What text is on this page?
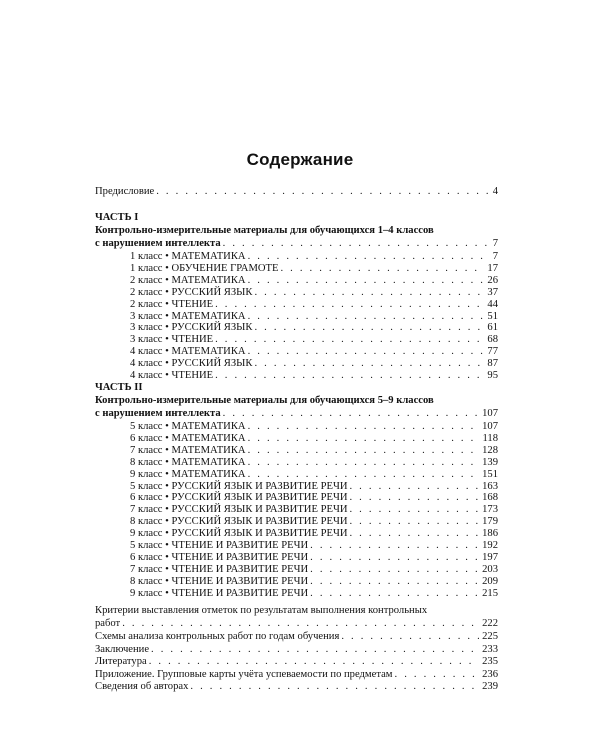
Содержание
Предисловие . . .	4
ЧАСТЬ I
Контрольно-измерительные материалы для обучающихся 1–4 классов
с нарушением интеллекта . . .	7
1 класс • МАТЕМАТИКА . . .	7
1 класс • ОБУЧЕНИЕ ГРАМОТЕ . . .	17
2 класс • МАТЕМАТИКА . . .	26
2 класс • РУССКИЙ ЯЗЫК . . .	37
2 класс • ЧТЕНИЕ . . .	44
3 класс • МАТЕМАТИКА . . .	51
3 класс • РУССКИЙ ЯЗЫК . . .	61
3 класс • ЧТЕНИЕ . . .	68
4 класс • МАТЕМАТИКА . . .	77
4 класс • РУССКИЙ ЯЗЫК . . .	87
4 класс • ЧТЕНИЕ . . .	95
ЧАСТЬ II
Контрольно-измерительные материалы для обучающихся 5–9 классов
с нарушением интеллекта . . .	107
5 класс • МАТЕМАТИКА . . .	107
6 класс • МАТЕМАТИКА . . .	118
7 класс • МАТЕМАТИКА . . .	128
8 класс • МАТЕМАТИКА . . .	139
9 класс • МАТЕМАТИКА . . .	151
5 класс • РУССКИЙ ЯЗЫК И РАЗВИТИЕ РЕЧИ . . .	163
6 класс • РУССКИЙ ЯЗЫК И РАЗВИТИЕ РЕЧИ . . .	168
7 класс • РУССКИЙ ЯЗЫК И РАЗВИТИЕ РЕЧИ . . .	173
8 класс • РУССКИЙ ЯЗЫК И РАЗВИТИЕ РЕЧИ . . .	179
9 класс • РУССКИЙ ЯЗЫК И РАЗВИТИЕ РЕЧИ . . .	186
5 класс • ЧТЕНИЕ И РАЗВИТИЕ РЕЧИ . . .	192
6 класс • ЧТЕНИЕ И РАЗВИТИЕ РЕЧИ . . .	197
7 класс • ЧТЕНИЕ И РАЗВИТИЕ РЕЧИ . . .	203
8 класс • ЧТЕНИЕ И РАЗВИТИЕ РЕЧИ . . .	209
9 класс • ЧТЕНИЕ И РАЗВИТИЕ РЕЧИ . . .	215
Критерии выставления отметок по результатам выполнения контрольных
работ . . .	222
Схемы анализа контрольных работ по годам обучения . . .	225
Заключение . . .	233
Литература . . .	235
Приложение. Групповые карты учёта успеваемости по предметам . . .	236
Сведения об авторах . . .	239
